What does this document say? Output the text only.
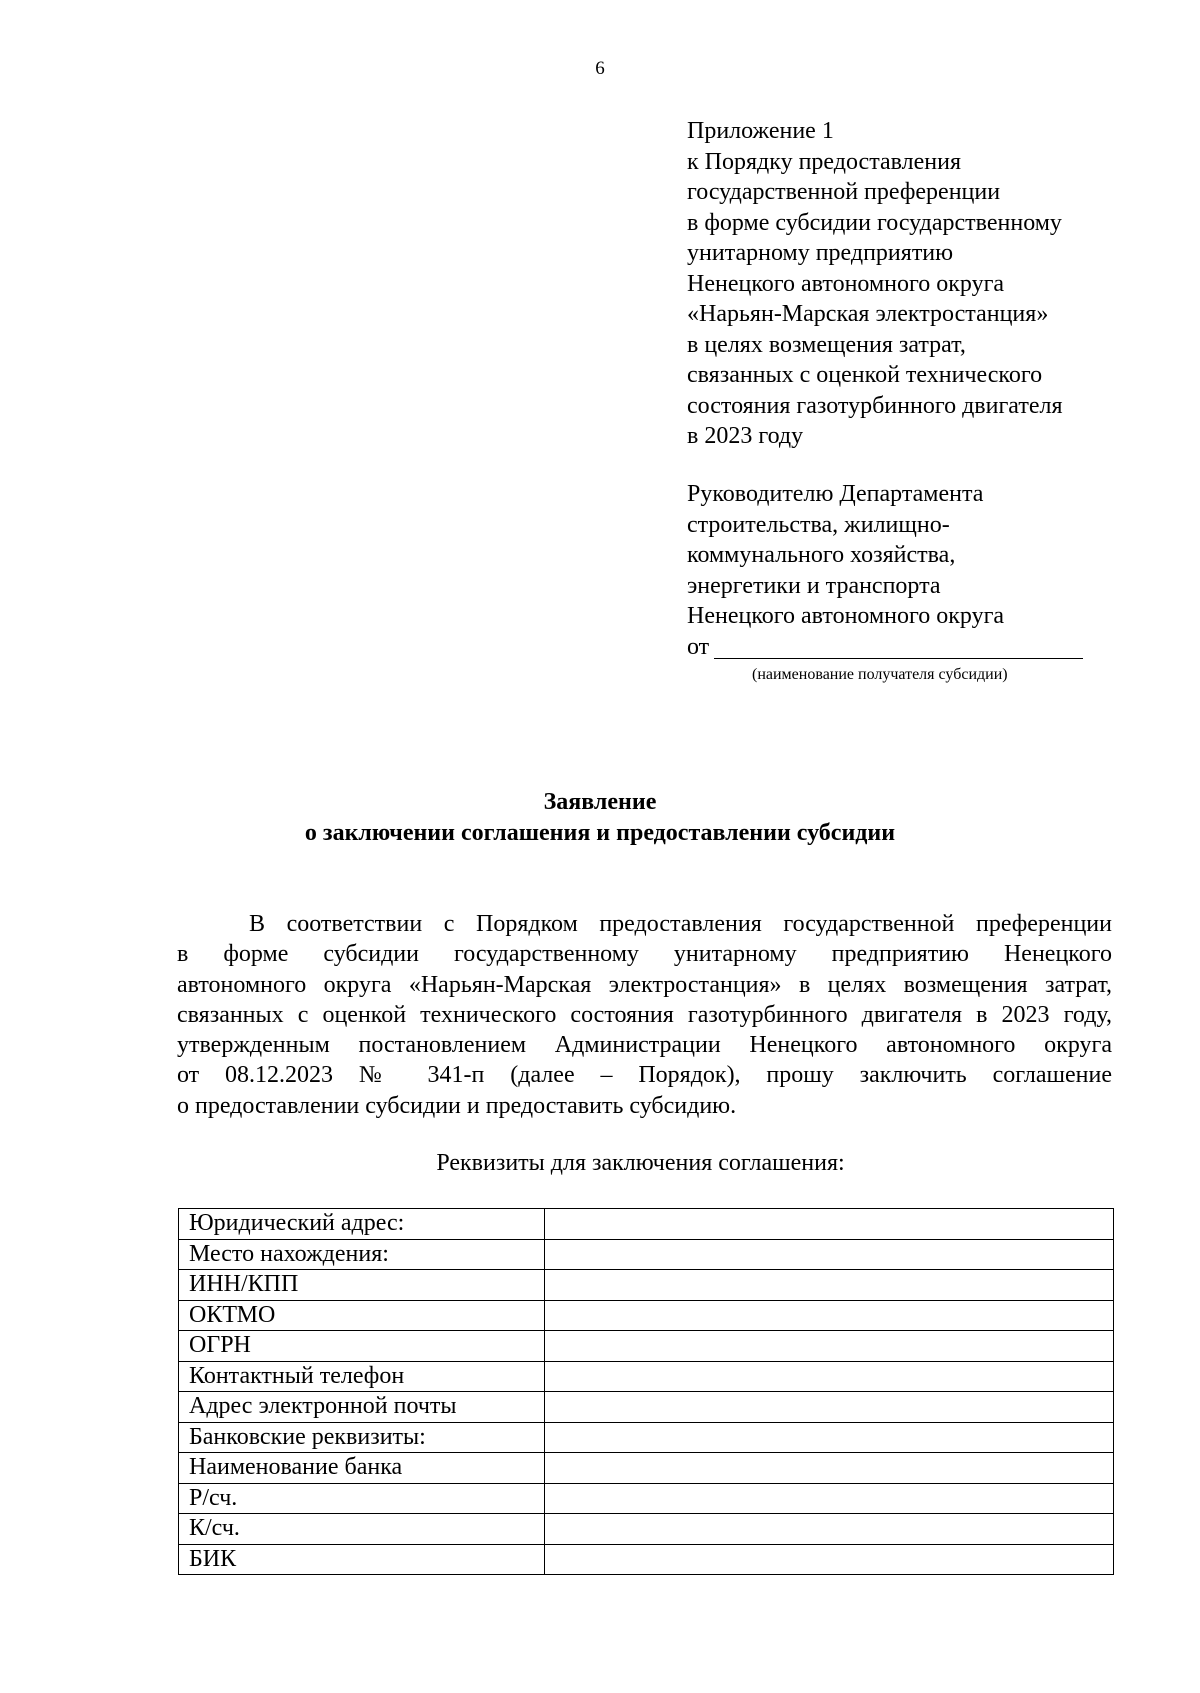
6
Приложение 1
к Порядку предоставления
государственной преференции
в форме субсидии государственному
унитарному предприятию
Ненецкого автономного округа
«Нарьян-Марская электростанция»
в целях возмещения затрат,
связанных с оценкой технического
состояния газотурбинного двигателя
в 2023 году
Руководителю Департамента
строительства, жилищно-
коммунального хозяйства,
энергетики и транспорта
Ненецкого автономного округа
от
(наименование получателя субсидии)
Заявление
о заключении соглашения и предоставлении субсидии
В соответствии с Порядком предоставления государственной преференции
в форме субсидии государственному унитарному предприятию Ненецкого
автономного округа «Нарьян-Марская электростанция» в целях возмещения затрат,
связанных с оценкой технического состояния газотурбинного двигателя в 2023 году,
утвержденным постановлением Администрации Ненецкого автономного округа
от 08.12.2023 № 341-п (далее – Порядок), прошу заключить соглашение
о предоставлении субсидии и предоставить субсидию.
Реквизиты для заключения соглашения:
Юридический адрес:	
Место нахождения:	
ИНН/КПП	
ОКТМО	
ОГРН	
Контактный телефон	
Адрес электронной почты	
Банковские реквизиты:	
Наименование банка	
Р/сч.	
К/сч.	
БИК	
